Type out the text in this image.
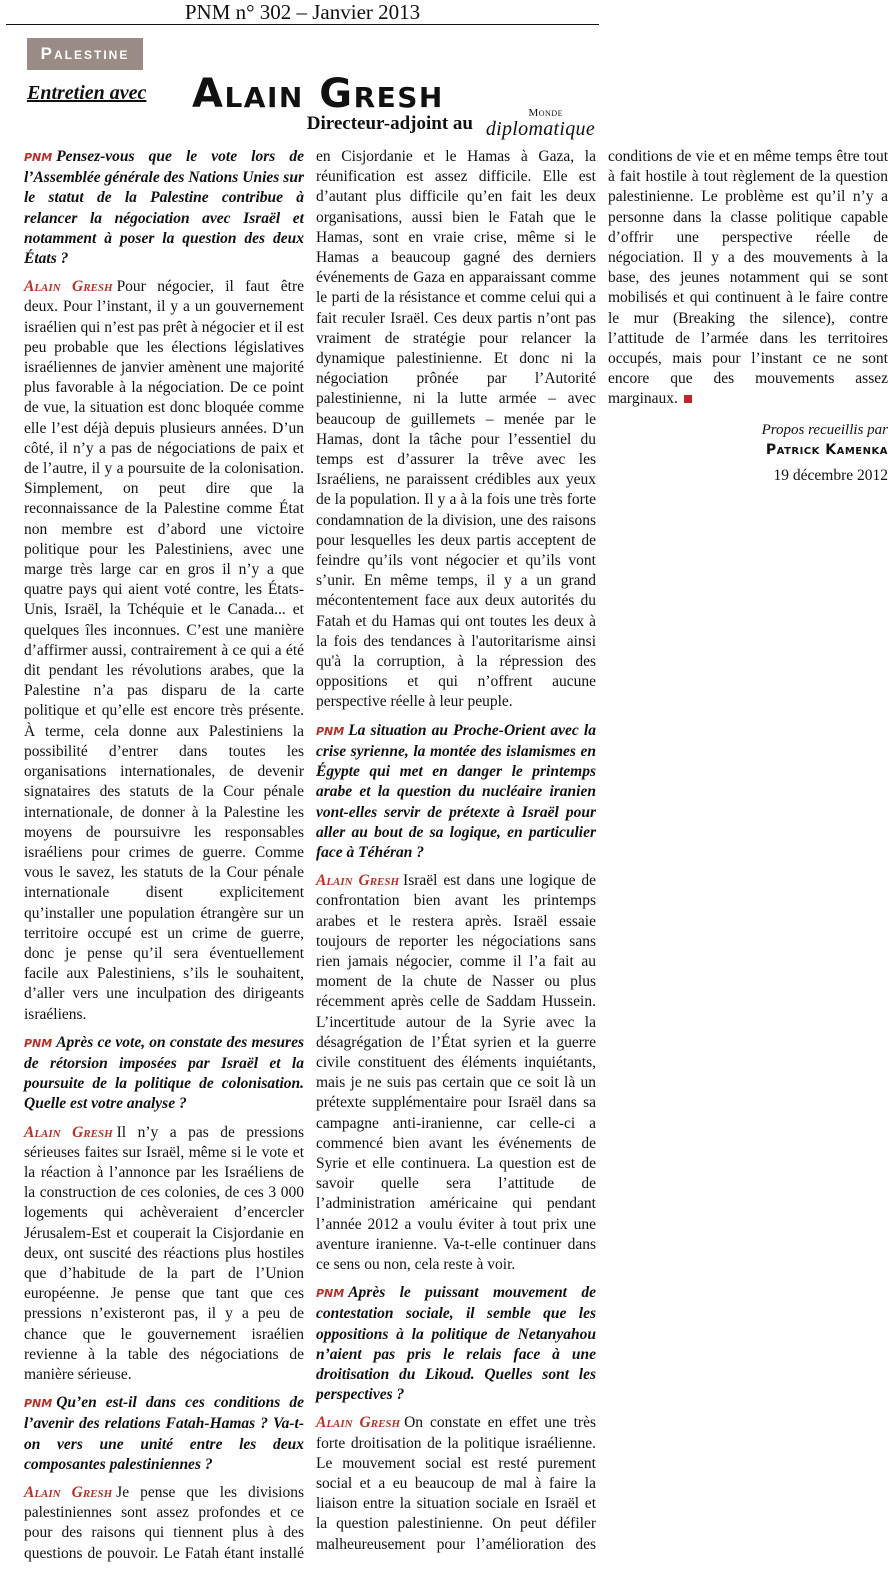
PNM n° 302 – Janvier 2013
Palestine
Entretien avec Alain Gresh
Directeur-adjoint au	Monde
diplomatique

PNM Pensez-vous que le vote lors de l’Assemblée générale des Nations Unies sur le statut de la Palestine contribue à relancer la négociation avec Israël et notamment à poser la question des deux États ?

Alain Gresh Pour négocier, il faut être deux. Pour l’instant, il y a un gouvernement israélien qui n’est pas prêt à négocier et il est peu probable que les élections législatives israéliennes de janvier amènent une majorité plus favorable à la négociation. De ce point de vue, la situation est donc bloquée comme elle l’est déjà depuis plusieurs années. D’un côté, il n’y a pas de négociations de paix et de l’autre, il y a poursuite de la colonisation. Simplement, on peut dire que la reconnaissance de la Palestine comme État non membre est d’abord une victoire politique pour les Palestiniens, avec une marge très large car en gros il n’y a que quatre pays qui aient voté contre, les États-Unis, Israël, la Tchéquie et le Canada... et quelques îles inconnues. C’est une manière d’affirmer aussi, contrairement à ce qui a été dit pendant les révolutions arabes, que la Palestine n’a pas disparu de la carte politique et qu’elle est encore très présente. À terme, cela donne aux Palestiniens la possibilité d’entrer dans toutes les organisations internationales, de devenir signataires des statuts de la Cour pénale internationale, de donner à la Palestine les moyens de poursuivre les responsables israéliens pour crimes de guerre. Comme vous le savez, les statuts de la Cour pénale internationale disent explicitement qu’installer une population étrangère sur un territoire occupé est un crime de guerre, donc je pense qu’il sera éventuellement facile aux Palestiniens, s’ils le souhaitent, d’aller vers une inculpation des dirigeants israéliens.

PNM Après ce vote, on constate des mesures de rétorsion imposées par Israël et la poursuite de la politique de colonisation. Quelle est votre analyse ?

Alain Gresh Il n’y a pas de pressions sérieuses faites sur Israël, même si le vote et la réaction à l’annonce par les Israéliens de la construction de ces colonies, de ces 3 000 logements qui achèveraient d’encercler Jérusalem-Est et couperait la Cisjordanie en deux, ont suscité des réactions plus hostiles que d’habitude de la part de l’Union européenne. Je pense que tant que ces pressions n’existeront pas, il y a peu de chance que le gouvernement israélien revienne à la table des négociations de manière sérieuse.

PNM Qu’en est-il dans ces conditions de l’avenir des relations Fatah-Hamas ? Va-t-on vers une unité entre les deux composantes palestiniennes ?

Alain Gresh Je pense que les divisions palestiniennes sont assez profondes et ce pour des raisons qui tiennent plus à des questions de pouvoir. Le Fatah étant installé en Cisjordanie et le Hamas à Gaza, la réunification est assez difficile. Elle est d’autant plus difficile qu’en fait les deux organisations, aussi bien le Fatah que le Hamas, sont en vraie crise, même si le Hamas a beaucoup gagné des derniers événements de Gaza en apparaissant comme le parti de la résistance et comme celui qui a fait reculer Israël. Ces deux partis n’ont pas vraiment de stratégie pour relancer la dynamique palestinienne. Et donc ni la négociation prônée par l’Autorité palestinienne, ni la lutte armée – avec beaucoup de guillemets – menée par le Hamas, dont la tâche pour l’essentiel du temps est d’assurer la trêve avec les Israéliens, ne paraissent crédibles aux yeux de la population. Il y a à la fois une très forte condamnation de la division, une des raisons pour lesquelles les deux partis acceptent de feindre qu’ils vont négocier et qu’ils vont s’unir. En même temps, il y a un grand mécontentement face aux deux autorités du Fatah et du Hamas qui ont toutes les deux à la fois des tendances à l'autoritarisme ainsi qu'à la corruption, à la répression des oppositions et qui n’offrent aucune perspective réelle à leur peuple.

PNM La situation au Proche-Orient avec la crise syrienne, la montée des islamismes en Égypte qui met en danger le printemps arabe et la question du nucléaire iranien vont-elles servir de prétexte à Israël pour aller au bout de sa logique, en particulier face à Téhéran ?

Alain Gresh Israël est dans une logique de confrontation bien avant les printemps arabes et le restera après. Israël essaie toujours de reporter les négociations sans rien jamais négocier, comme il l’a fait au moment de la chute de Nasser ou plus récemment après celle de Saddam Hussein. L’incertitude autour de la Syrie avec la désagrégation de l’État syrien et la guerre civile constituent des éléments inquiétants, mais je ne suis pas certain que ce soit là un prétexte supplémentaire pour Israël dans sa campagne anti-iranienne, car celle-ci a commencé bien avant les événements de Syrie et elle continuera. La question est de savoir quelle sera l’attitude de l’administration américaine qui pendant l’année 2012 a voulu éviter à tout prix une aventure iranienne. Va-t-elle continuer dans ce sens ou non, cela reste à voir.

PNM Après le puissant mouvement de contestation sociale, il semble que les oppositions à la politique de Netanyahou n’aient pas pris le relais face à une droitisation du Likoud. Quelles sont les perspectives ?

Alain Gresh On constate en effet une très forte droitisation de la politique israélienne. Le mouvement social est resté purement social et a eu beaucoup de mal à faire la liaison entre la situation sociale en Israël et la question palestinienne. On peut défiler malheureusement pour l’amélioration des conditions de vie et en même temps être tout à fait hostile à tout règlement de la question palestinienne. Le problème est qu’il n’y a personne dans la classe politique capable d’offrir une perspective réelle de négociation. Il y a des mouvements à la base, des jeunes notamment qui se sont mobilisés et qui continuent à le faire contre le mur (Breaking the silence), contre l’attitude de l’armée dans les territoires occupés, mais pour l’instant ce ne sont encore que des mouvements assez marginaux.

Propos recueillis par
Patrick Kamenka
19 décembre 2012
